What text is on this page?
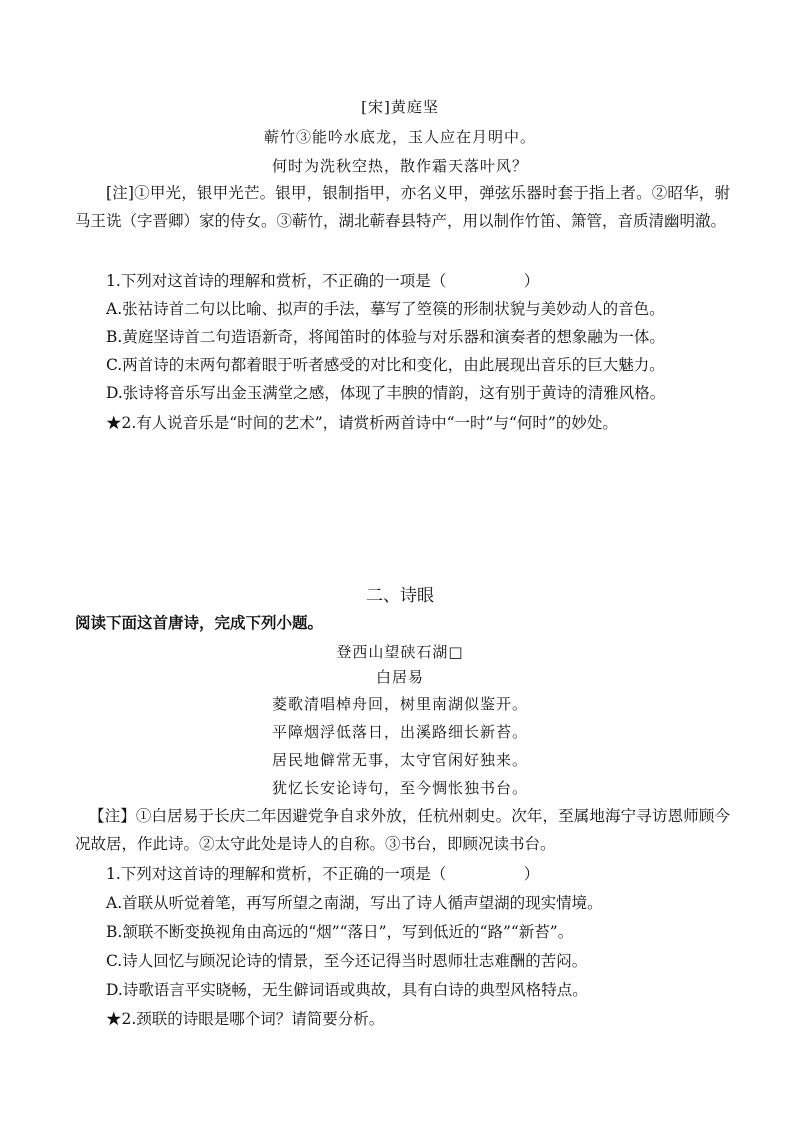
[宋]黄庭坚
蕲竹③能吟水底龙，玉人应在月明中。
何时为洗秋空热，散作霜天落叶风？
[注]①甲光，银甲光芒。银甲，银制指甲，亦名义甲，弹弦乐器时套于指上者。②昭华，驸马王诜（字晋卿）家的侍女。③蕲竹，湖北蕲春县特产，用以制作竹笛、箫管，音质清幽明澈。
1.下列对这首诗的理解和赏析，不正确的一项是（　　　　　）
A.张祜诗首二句以比喻、拟声的手法，摹写了箜篌的形制状貌与美妙动人的音色。
B.黄庭坚诗首二句造语新奇，将闻笛时的体验与对乐器和演奏者的想象融为一体。
C.两首诗的末两句都着眼于听者感受的对比和变化，由此展现出音乐的巨大魅力。
D.张诗将音乐写出金玉满堂之感，体现了丰腴的情韵，这有别于黄诗的清雅风格。
★2.有人说音乐是“时间的艺术”，请赏析两首诗中“一时”与“何时”的妙处。
二、诗眼
阅读下面这首唐诗，完成下列小题。
登西山望硖石湖□
白居易
菱歌清唱棹舟回，树里南湖似鉴开。
平障烟浮低落日，出溪路细长新苔。
居民地僻常无事，太守官闲好独来。
犹忆长安论诗句，至今惆怅独书台。
【注】①白居易于长庆二年因避党争自求外放，任杭州刺史。次年，至属地海宁寻访恩师顾今况故居，作此诗。②太守此处是诗人的自称。③书台，即顾况读书台。
1.下列对这首诗的理解和赏析，不正确的一项是（　　　　　）
A.首联从听觉着笔，再写所望之南湖，写出了诗人循声望湖的现实情境。
B.颔联不断变换视角由高远的“烟”“落日”，写到低近的“路”“新苔”。
C.诗人回忆与顾况论诗的情景，至今还记得当时恩师壮志难酬的苦闷。
D.诗歌语言平实晓畅，无生僻词语或典故，具有白诗的典型风格特点。
★2.颈联的诗眼是哪个词？请简要分析。
